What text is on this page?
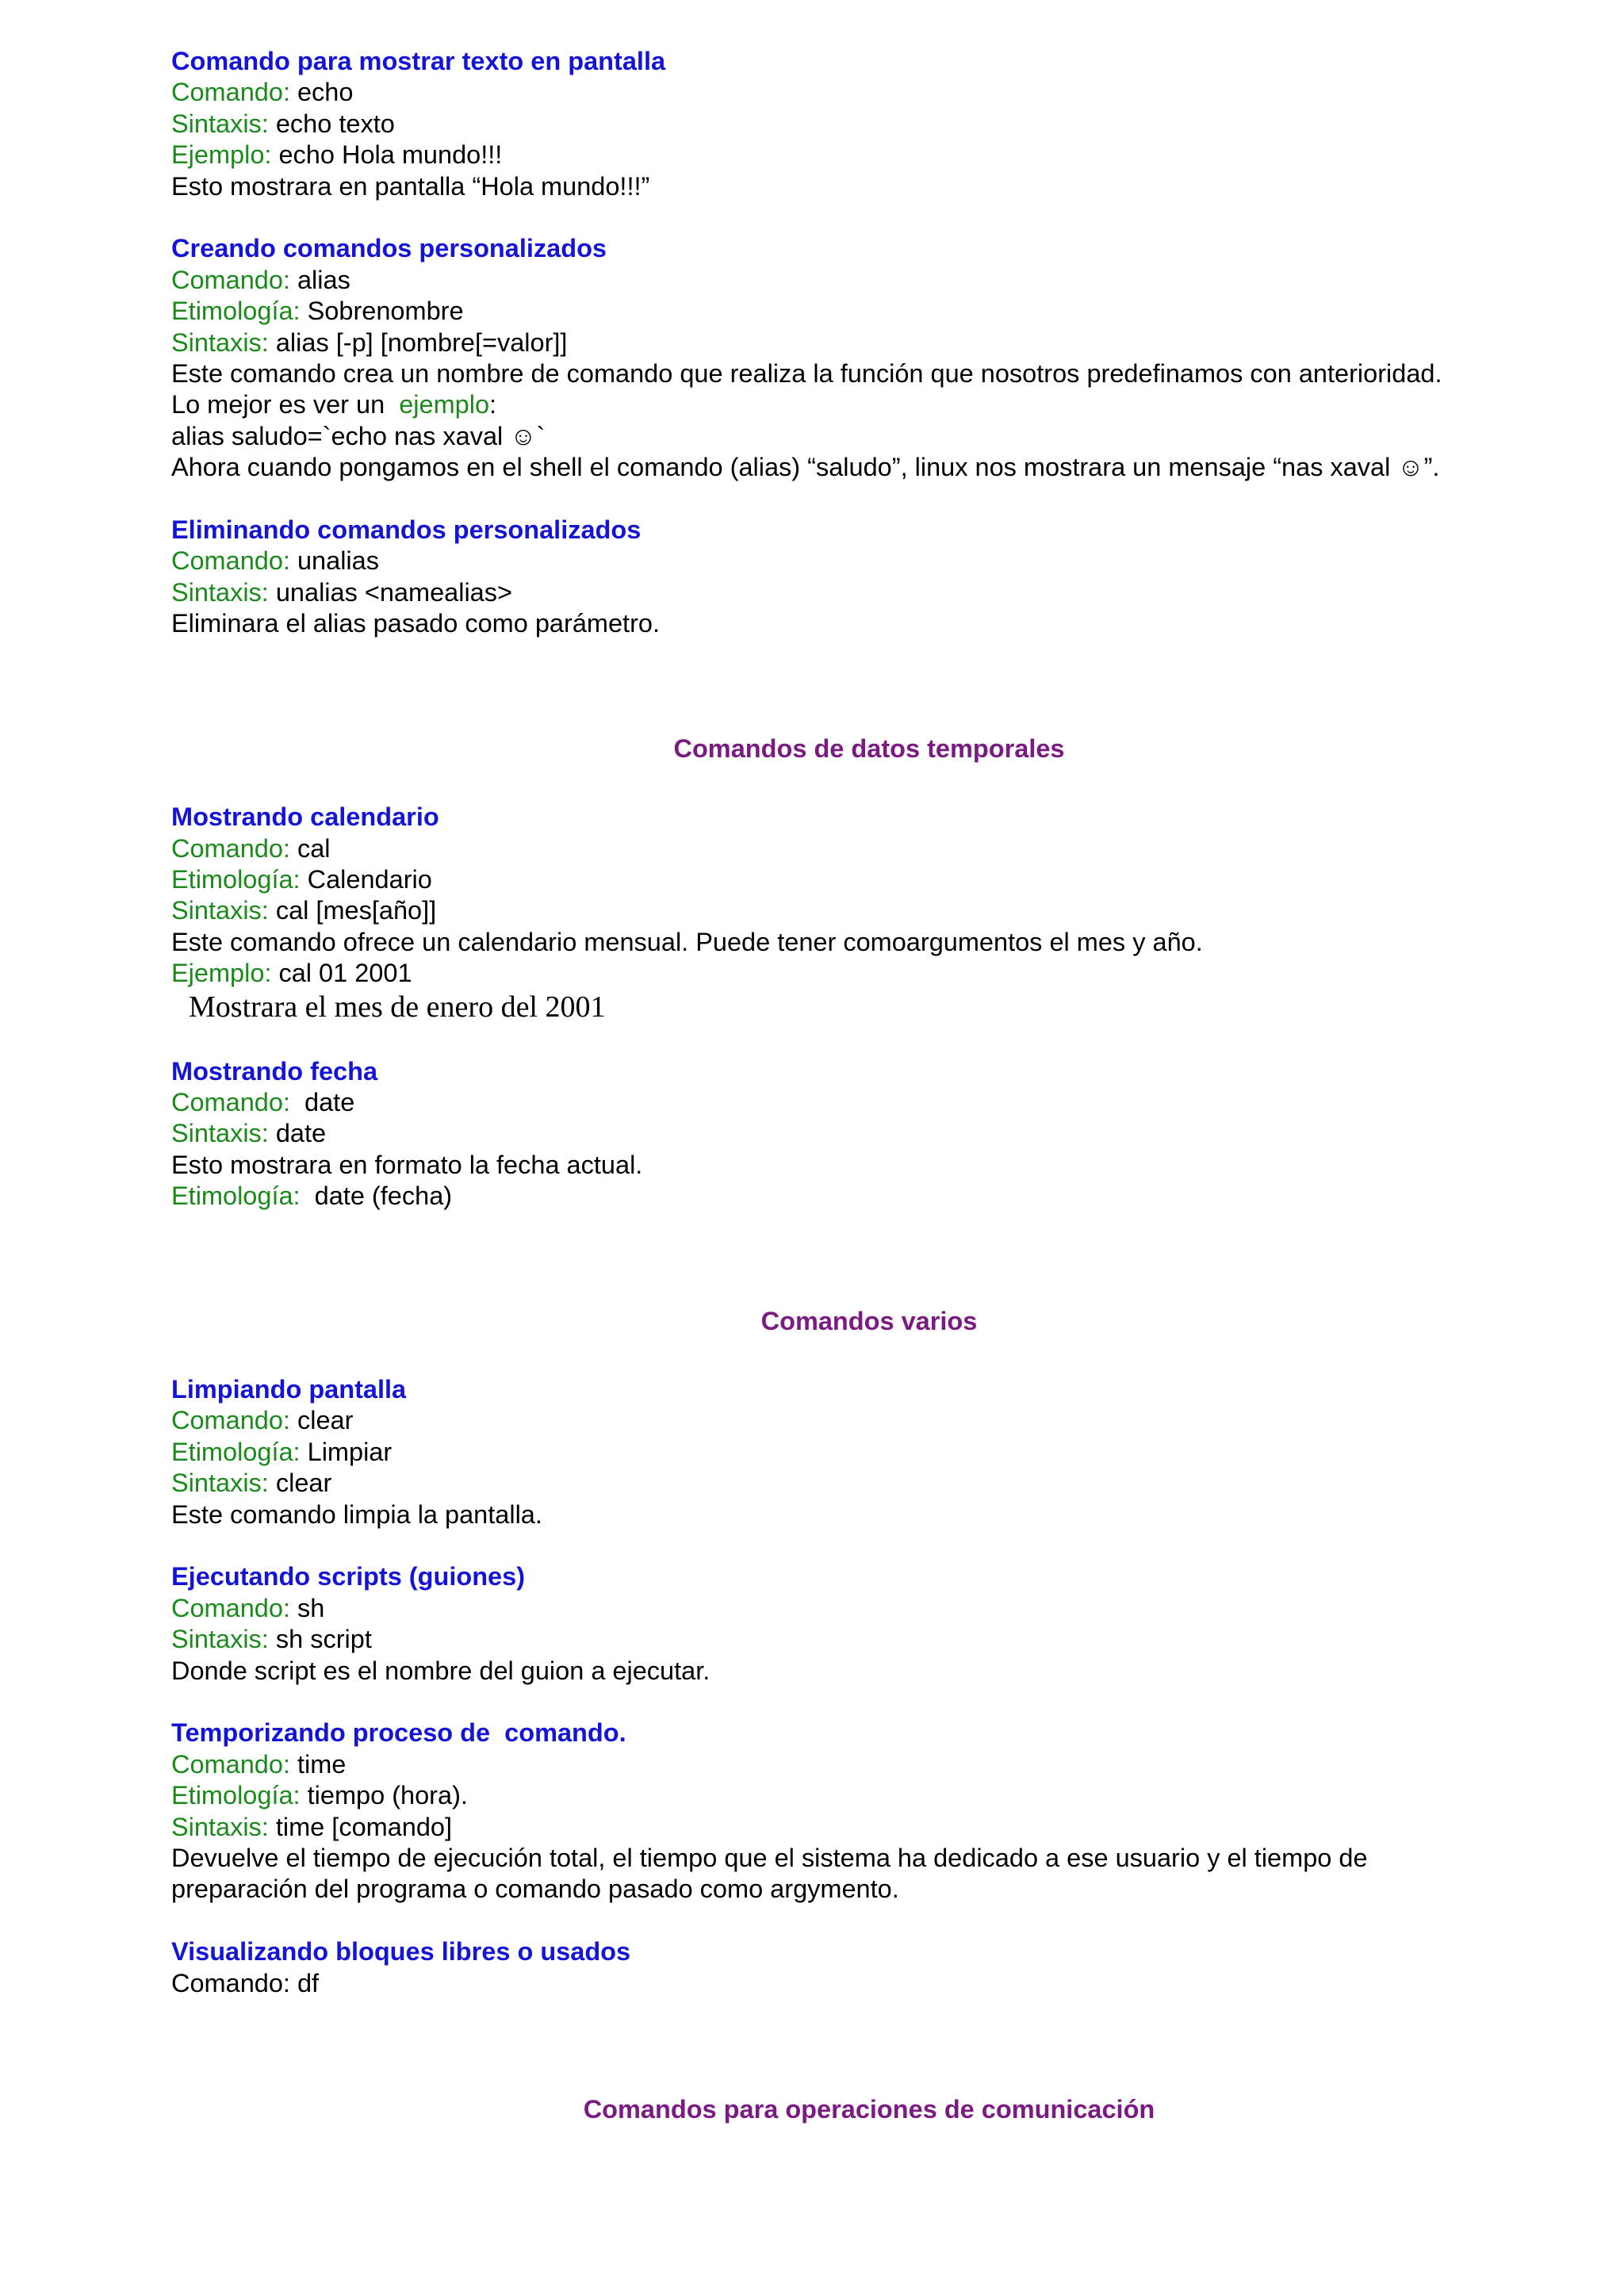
Comando para mostrar texto en pantalla
Comando: echo
Sintaxis: echo texto
Ejemplo: echo Hola mundo!!!
Esto mostrara en pantalla “Hola mundo!!!”
Creando comandos personalizados
Comando: alias
Etimología: Sobrenombre
Sintaxis: alias [-p] [nombre[=valor]]
Este comando crea un nombre de comando que realiza la función que nosotros predefinamos con anterioridad.
Lo mejor es ver un  ejemplo:
alias saludo=`echo nas xaval ☺`
Ahora cuando pongamos en el shell el comando (alias) “saludo”, linux nos mostrara un mensaje “nas xaval ☺”.
Eliminando comandos personalizados
Comando: unalias
Sintaxis: unalias <namealias>
Eliminara el alias pasado como parámetro.
Comandos de datos temporales
Mostrando calendario
Comando: cal
Etimología: Calendario
Sintaxis: cal [mes[año]]
Este comando ofrece un calendario mensual. Puede tener comoargumentos el mes y año.
Ejemplo: cal 01 2001
Mostrara el mes de enero del 2001
Mostrando fecha
Comando:  date
Sintaxis: date
Esto mostrara en formato la fecha actual.
Etimología:  date (fecha)
Comandos varios
Limpiando pantalla
Comando: clear
Etimología: Limpiar
Sintaxis: clear
Este comando limpia la pantalla.
Ejecutando scripts (guiones)
Comando: sh
Sintaxis: sh script
Donde script es el nombre del guion a ejecutar.
Temporizando proceso de  comando.
Comando: time
Etimología: tiempo (hora).
Sintaxis: time [comando]
Devuelve el tiempo de ejecución total, el tiempo que el sistema ha dedicado a ese usuario y el tiempo de preparación del programa o comando pasado como argymento.
Visualizando bloques libres o usados
Comando: df
Comandos para operaciones de comunicación
